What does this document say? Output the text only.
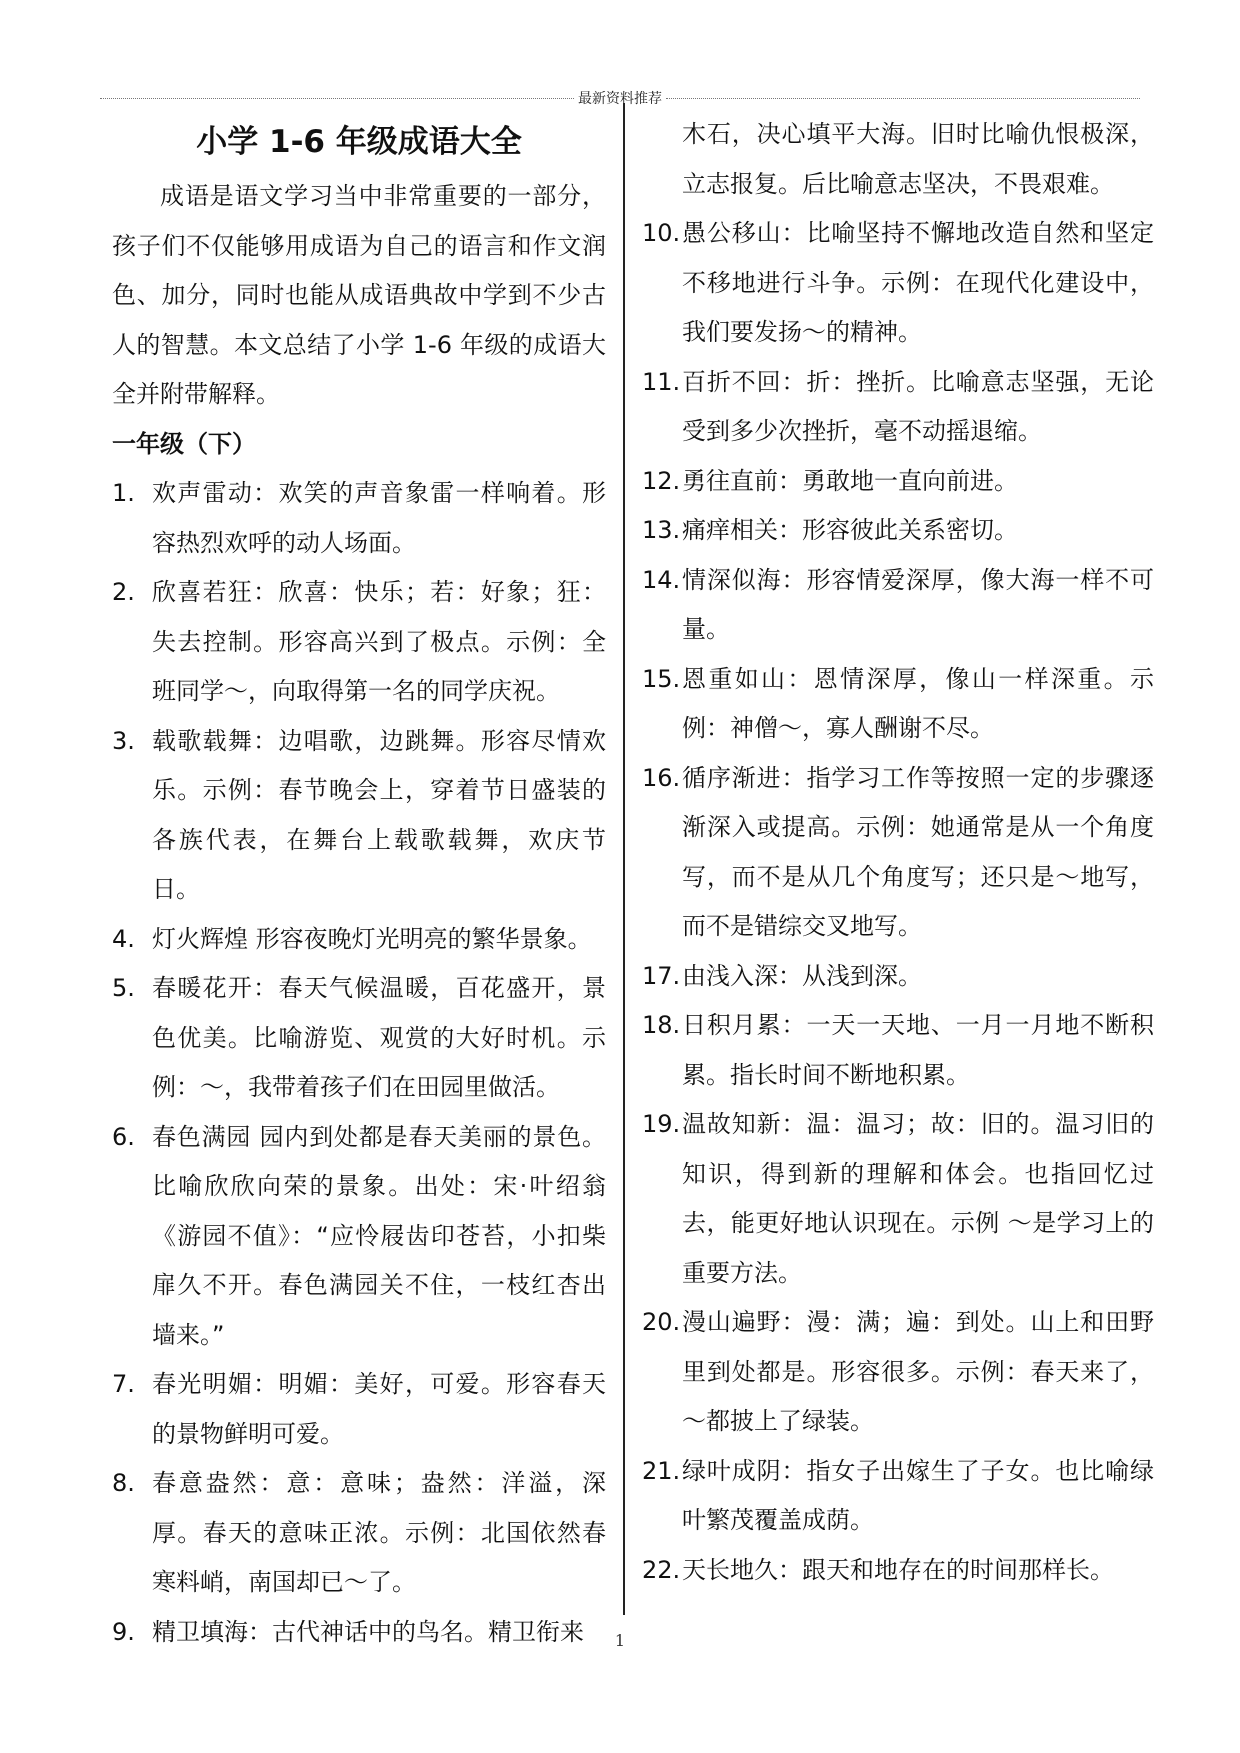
最新资料推荐
小学 1-6 年级成语大全

成语是语文学习当中非常重要的一部分，孩子们不仅能够用成语为自己的语言和作文润色、加分，同时也能从成语典故中学到不少古人的智慧。本文总结了小学 1-6 年级的成语大全并附带解释。

一年级（下）

1. 欢声雷动：欢笑的声音象雷一样响着。形容热烈欢呼的动人场面。
2. 欣喜若狂：欣喜：快乐；若：好象；狂：失去控制。形容高兴到了极点。示例：全班同学～，向取得第一名的同学庆祝。
3. 载歌载舞：边唱歌，边跳舞。形容尽情欢乐。示例：春节晚会上，穿着节日盛装的各族代表，在舞台上载歌载舞，欢庆节日。
4. 灯火辉煌 形容夜晚灯光明亮的繁华景象。
5. 春暖花开：春天气候温暖，百花盛开，景色优美。比喻游览、观赏的大好时机。示例：～，我带着孩子们在田园里做活。
6. 春色满园 园内到处都是春天美丽的景色。比喻欣欣向荣的景象。出处：宋·叶绍翁《游园不值》：“应怜屐齿印苍苔，小扣柴扉久不开。春色满园关不住，一枝红杏出墙来。”
7. 春光明媚：明媚：美好，可爱。形容春天的景物鲜明可爱。
8. 春意盎然：意：意味；盎然：洋溢，深厚。春天的意味正浓。示例：北国依然春寒料峭，南国却已～了。
9. 精卫填海：古代神话中的鸟名。精卫衔来

木石，决心填平大海。旧时比喻仇恨极深，立志报复。后比喻意志坚决，不畏艰难。

10. 愚公移山：比喻坚持不懈地改造自然和坚定不移地进行斗争。示例：在现代化建设中，我们要发扬～的精神。
11. 百折不回：折：挫折。比喻意志坚强，无论受到多少次挫折，毫不动摇退缩。
12. 勇往直前：勇敢地一直向前进。
13. 痛痒相关：形容彼此关系密切。
14. 情深似海：形容情爱深厚，像大海一样不可量。
15. 恩重如山：恩情深厚，像山一样深重。示例：神僧～，寡人酬谢不尽。
16. 循序渐进：指学习工作等按照一定的步骤逐渐深入或提高。示例：她通常是从一个角度写，而不是从几个角度写；还只是～地写，而不是错综交叉地写。
17. 由浅入深：从浅到深。
18. 日积月累：一天一天地、一月一月地不断积累。指长时间不断地积累。
19. 温故知新：温：温习；故：旧的。温习旧的知识，得到新的理解和体会。也指回忆过去，能更好地认识现在。示例 ～是学习上的重要方法。
20. 漫山遍野：漫：满；遍：到处。山上和田野里到处都是。形容很多。示例：春天来了，～都披上了绿装。
21. 绿叶成阴：指女子出嫁生了子女。也比喻绿叶繁茂覆盖成荫。
22. 天长地久：跟天和地存在的时间那样长。
1
